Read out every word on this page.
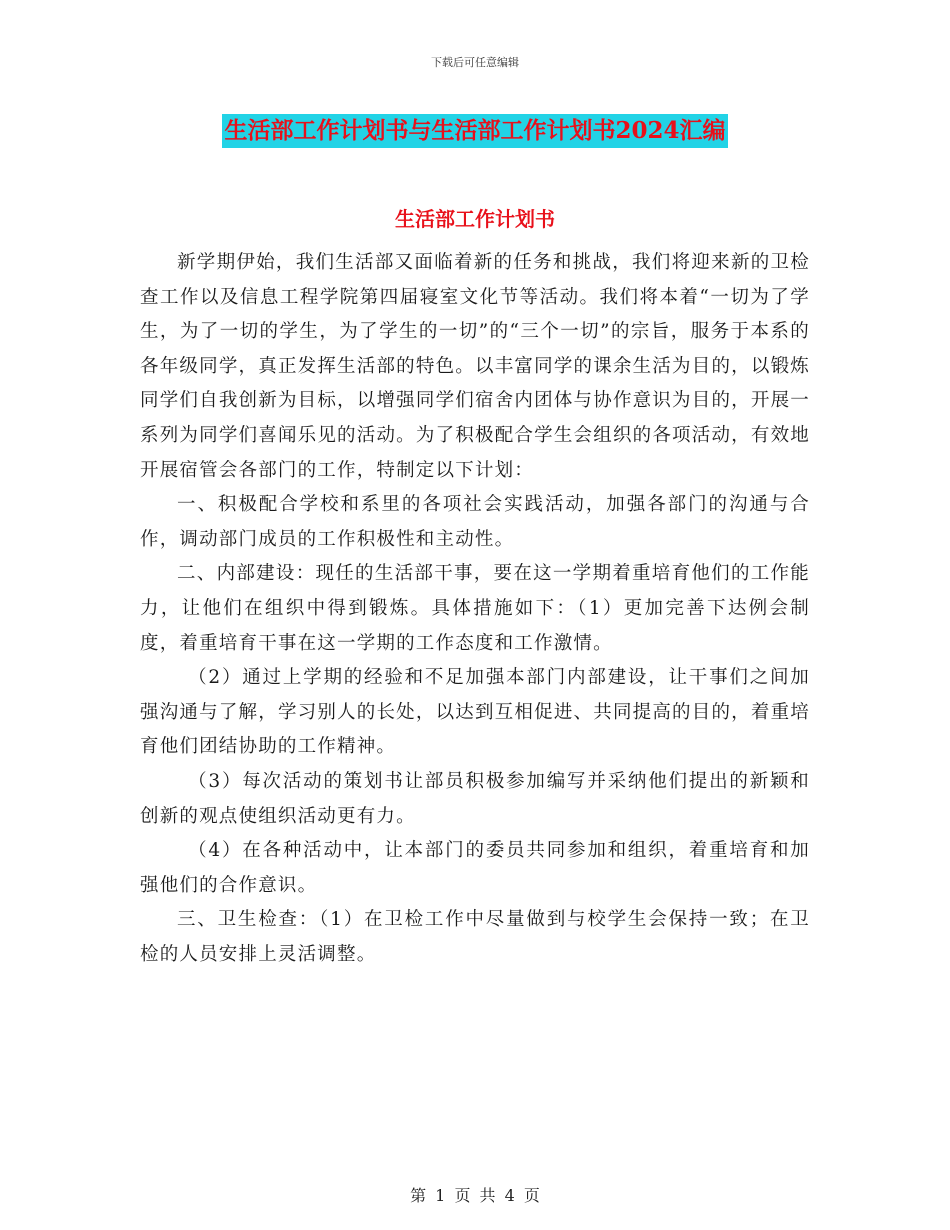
下载后可任意编辑
生活部工作计划书与生活部工作计划书2024汇编
生活部工作计划书

新学期伊始，我们生活部又面临着新的任务和挑战，我们将迎来新的卫检查工作以及信息工程学院第四届寝室文化节等活动。我们将本着“一切为了学生，为了一切的学生，为了学生的一切”的“三个一切”的宗旨，服务于本系的各年级同学，真正发挥生活部的特色。以丰富同学的课余生活为目的，以锻炼同学们自我创新为目标，以增强同学们宿舍内团体与协作意识为目的，开展一系列为同学们喜闻乐见的活动。为了积极配合学生会组织的各项活动，有效地开展宿管会各部门的工作，特制定以下计划：

一、积极配合学校和系里的各项社会实践活动，加强各部门的沟通与合作，调动部门成员的工作积极性和主动性。

二、内部建设：现任的生活部干事，要在这一学期着重培育他们的工作能力，让他们在组织中得到锻炼。具体措施如下：（1）更加完善下达例会制度，着重培育干事在这一学期的工作态度和工作激情。

（2）通过上学期的经验和不足加强本部门内部建设，让干事们之间加强沟通与了解，学习别人的长处，以达到互相促进、共同提高的目的，着重培育他们团结协助的工作精神。

（3）每次活动的策划书让部员积极参加编写并采纳他们提出的新颖和创新的观点使组织活动更有力。

（4）在各种活动中，让本部门的委员共同参加和组织，着重培育和加强他们的合作意识。

三、卫生检查：（1）在卫检工作中尽量做到与校学生会保持一致；在卫检的人员安排上灵活调整。

第 1 页 共 4 页
